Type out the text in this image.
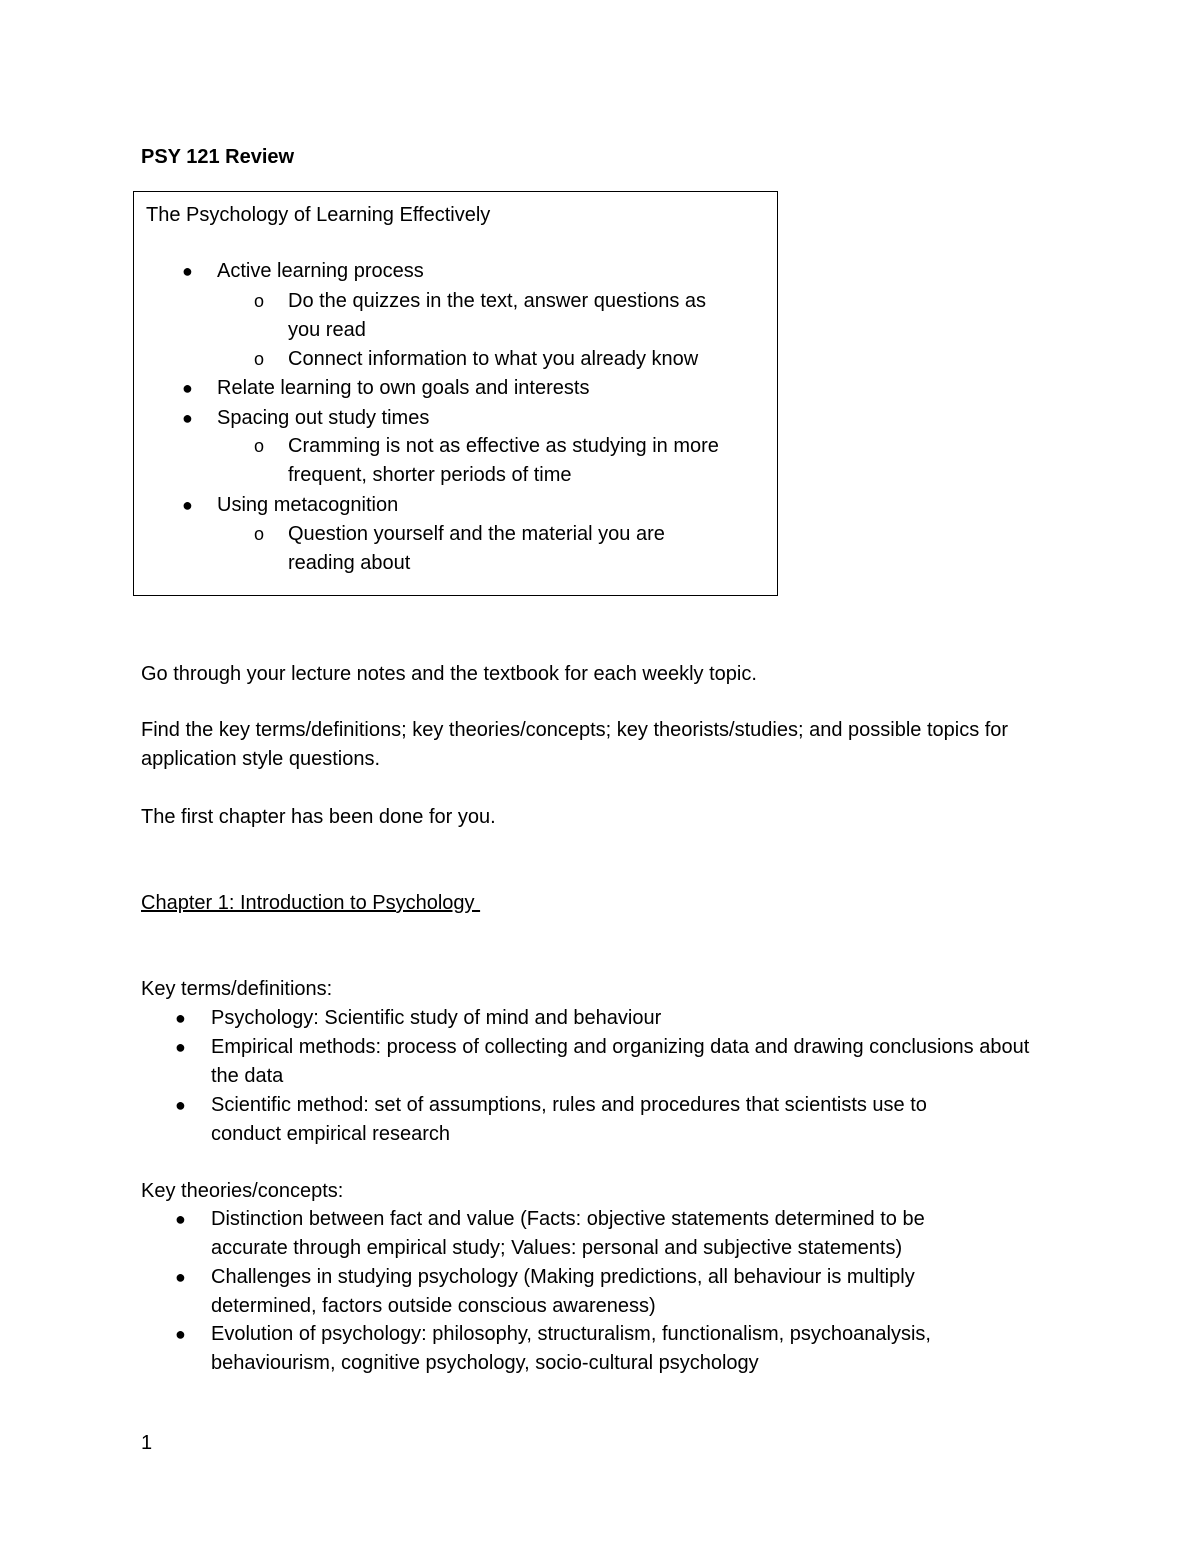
PSY 121 Review
The Psychology of Learning Effectively
● Active learning process
o Do the quizzes in the text, answer questions as
you read
o Connect information to what you already know
● Relate learning to own goals and interests
● Spacing out study times
o Cramming is not as effective as studying in more
frequent, shorter periods of time
● Using metacognition
o Question yourself and the material you are
reading about
Go through your lecture notes and the textbook for each weekly topic.
Find the key terms/definitions; key theories/concepts; key theorists/studies; and possible topics for application style questions.
The first chapter has been done for you.
Chapter 1: Introduction to Psychology
Key terms/definitions:
● Psychology: Scientific study of mind and behaviour
● Empirical methods: process of collecting and organizing data and drawing conclusions about the data
● Scientific method: set of assumptions, rules and procedures that scientists use to conduct empirical research
Key theories/concepts:
● Distinction between fact and value (Facts: objective statements determined to be accurate through empirical study; Values: personal and subjective statements)
● Challenges in studying psychology (Making predictions, all behaviour is multiply determined, factors outside conscious awareness)
● Evolution of psychology: philosophy, structuralism, functionalism, psychoanalysis, behaviourism, cognitive psychology, socio-cultural psychology
1
